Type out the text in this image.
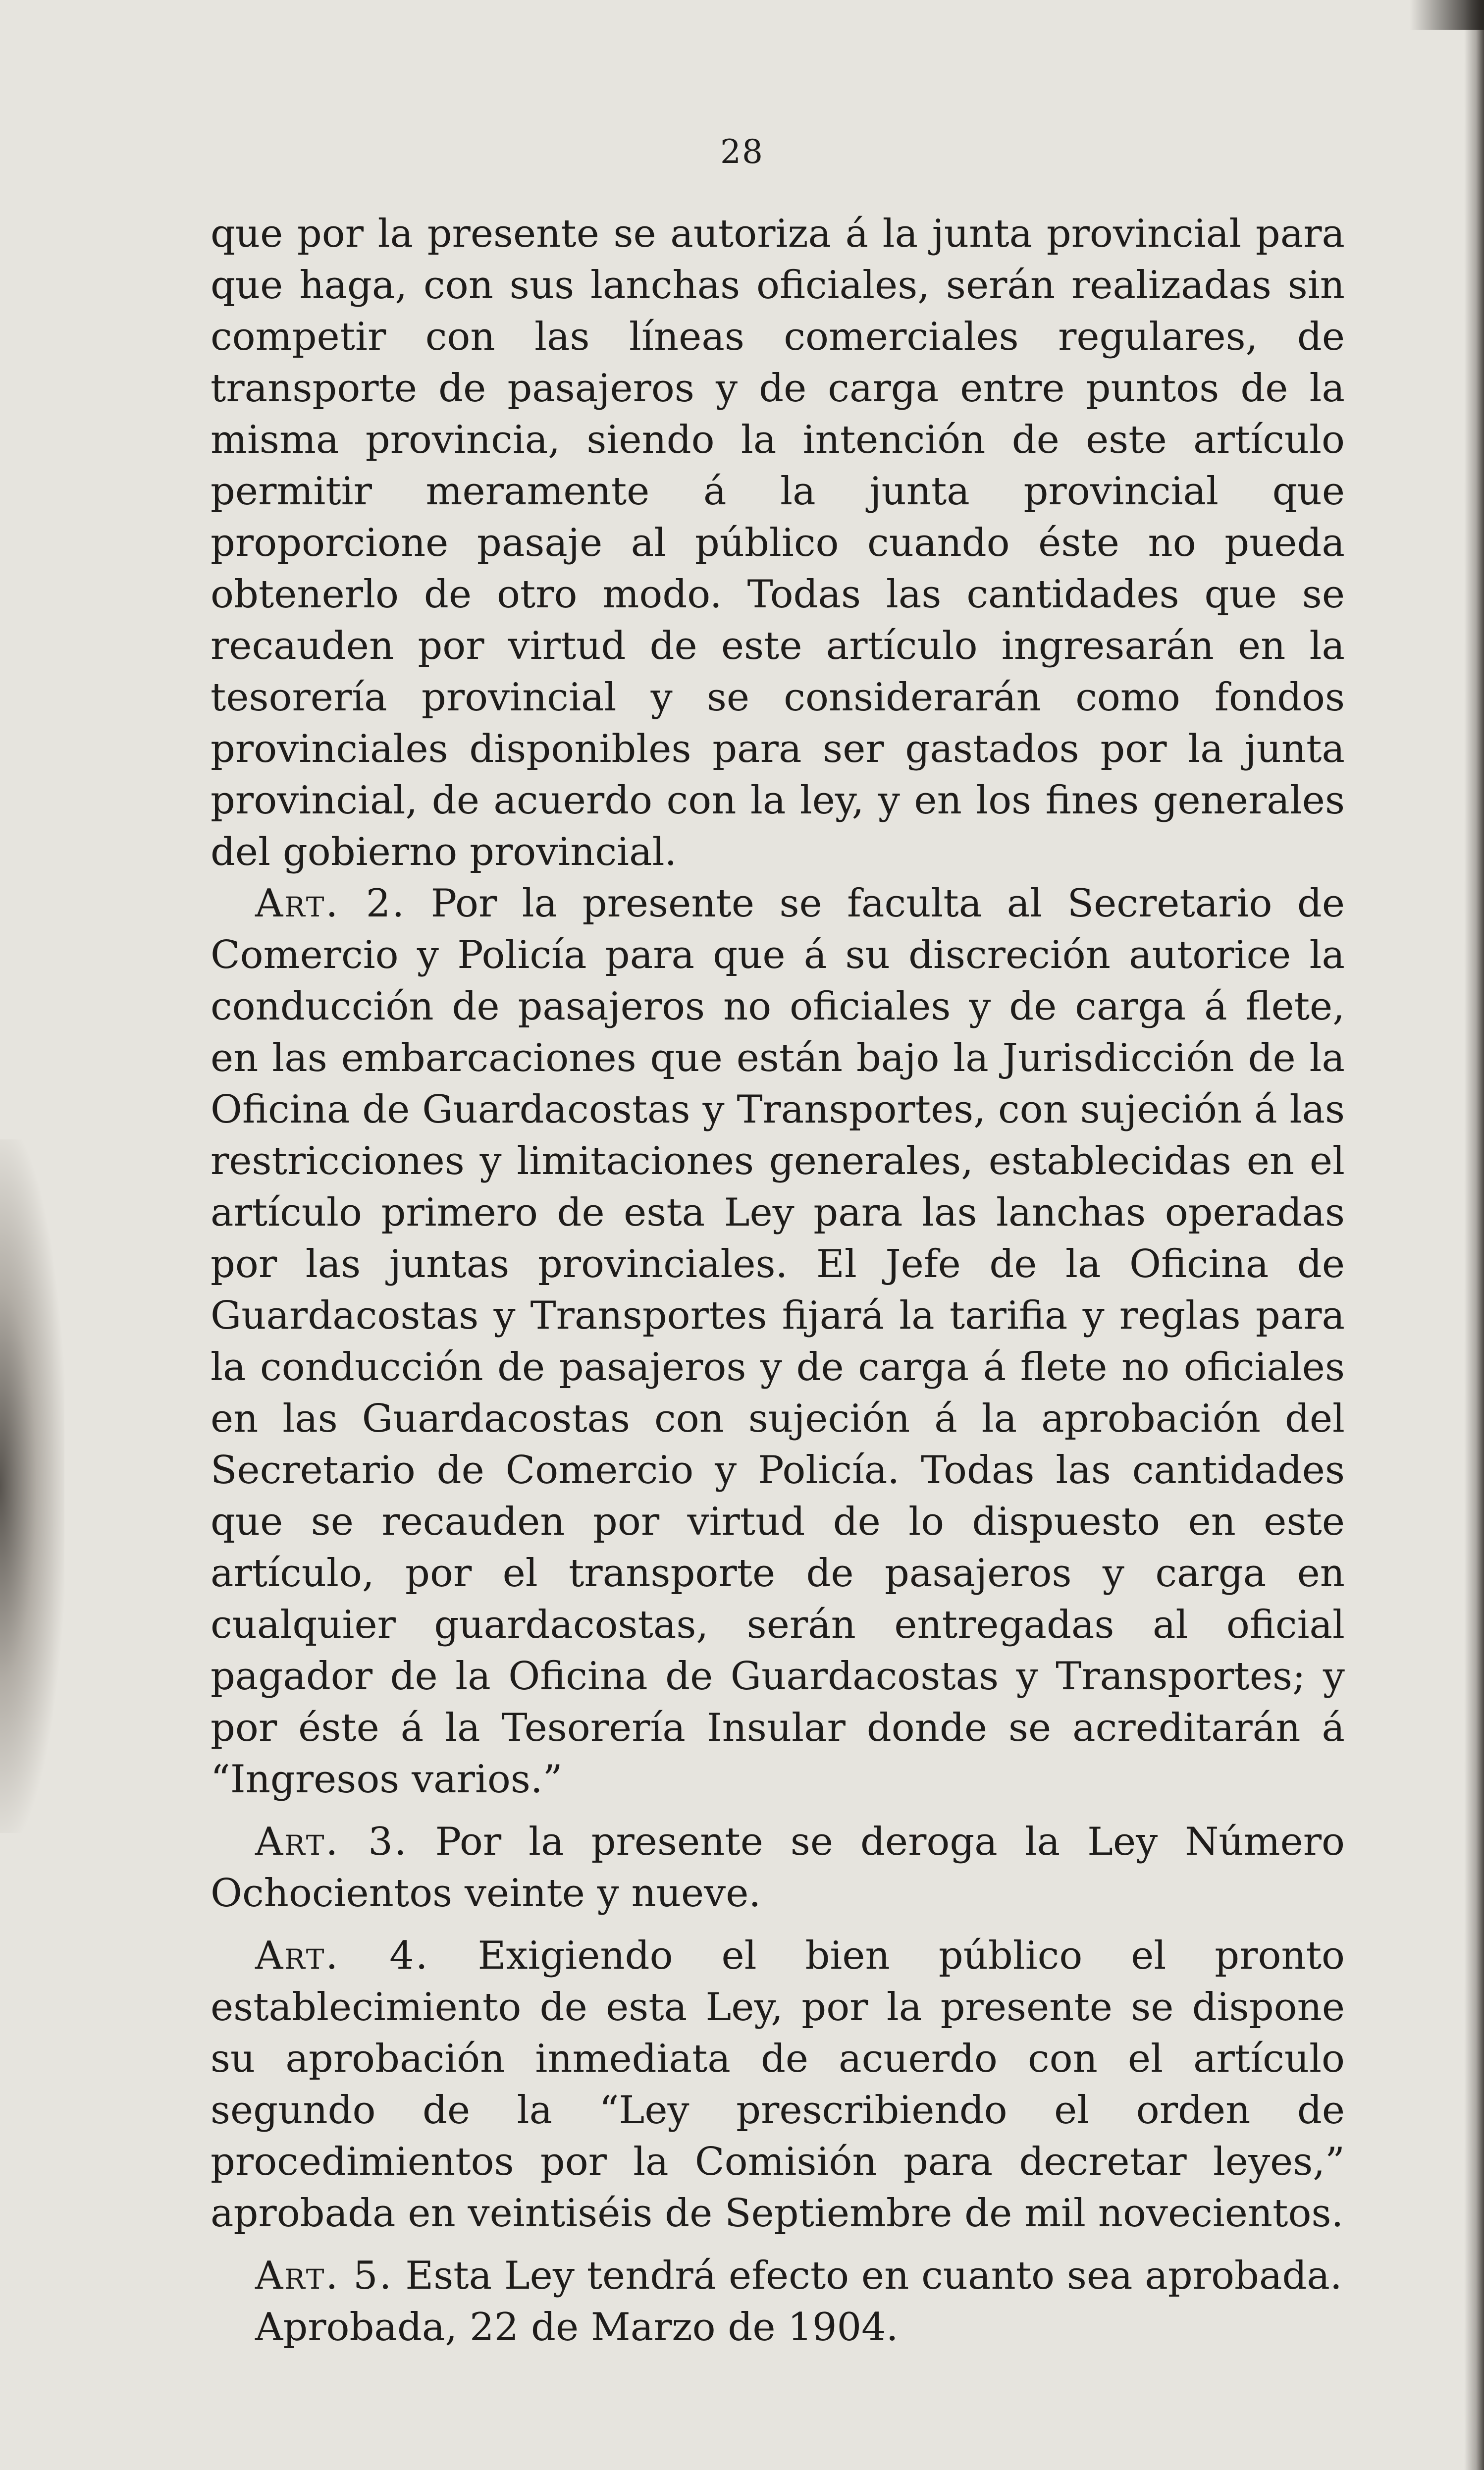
28

que por la presente se autoriza á la junta provincial para que haga, con sus lanchas oficiales, serán realizadas sin competir con las líneas comerciales regulares, de transporte de pasajeros y de carga entre puntos de la misma provincia, siendo la intención de este artículo permitir meramente á la junta provincial que proporcione pasaje al público cuando éste no pueda obtenerlo de otro modo. Todas las cantidades que se recauden por virtud de este artículo ingresarán en la tesorería provincial y se considerarán como fondos provinciales disponibles para ser gastados por la junta provincial, de acuerdo con la ley, y en los fines generales del gobierno provincial.

Art. 2. Por la presente se faculta al Secretario de Comercio y Policía para que á su discreción autorice la conducción de pasajeros no oficiales y de carga á flete, en las embarcaciones que están bajo la Jurisdicción de la Oficina de Guardacostas y Transportes, con sujeción á las restricciones y limitaciones generales, establecidas en el artículo primero de esta Ley para las lanchas operadas por las juntas provinciales. El Jefe de la Oficina de Guardacostas y Transportes fijará la tarifia y reglas para la conducción de pasajeros y de carga á flete no oficiales en las Guardacostas con sujeción á la aprobación del Secretario de Comercio y Policía. Todas las cantidades que se recauden por virtud de lo dispuesto en este artículo, por el transporte de pasajeros y carga en cualquier guardacostas, serán entregadas al oficial pagador de la Oficina de Guardacostas y Transportes; y por éste á la Tesorería Insular donde se acreditarán á “Ingresos varios.”

Art. 3. Por la presente se deroga la Ley Número Ochocientos veinte y nueve.

Art. 4. Exigiendo el bien público el pronto establecimiento de esta Ley, por la presente se dispone su aprobación inmediata de acuerdo con el artículo segundo de la “Ley prescribiendo el orden de procedimientos por la Comisión para decretar leyes,” aprobada en veintiséis de Septiembre de mil novecientos.

Art. 5. Esta Ley tendrá efecto en cuanto sea aprobada.

Aprobada, 22 de Marzo de 1904.
